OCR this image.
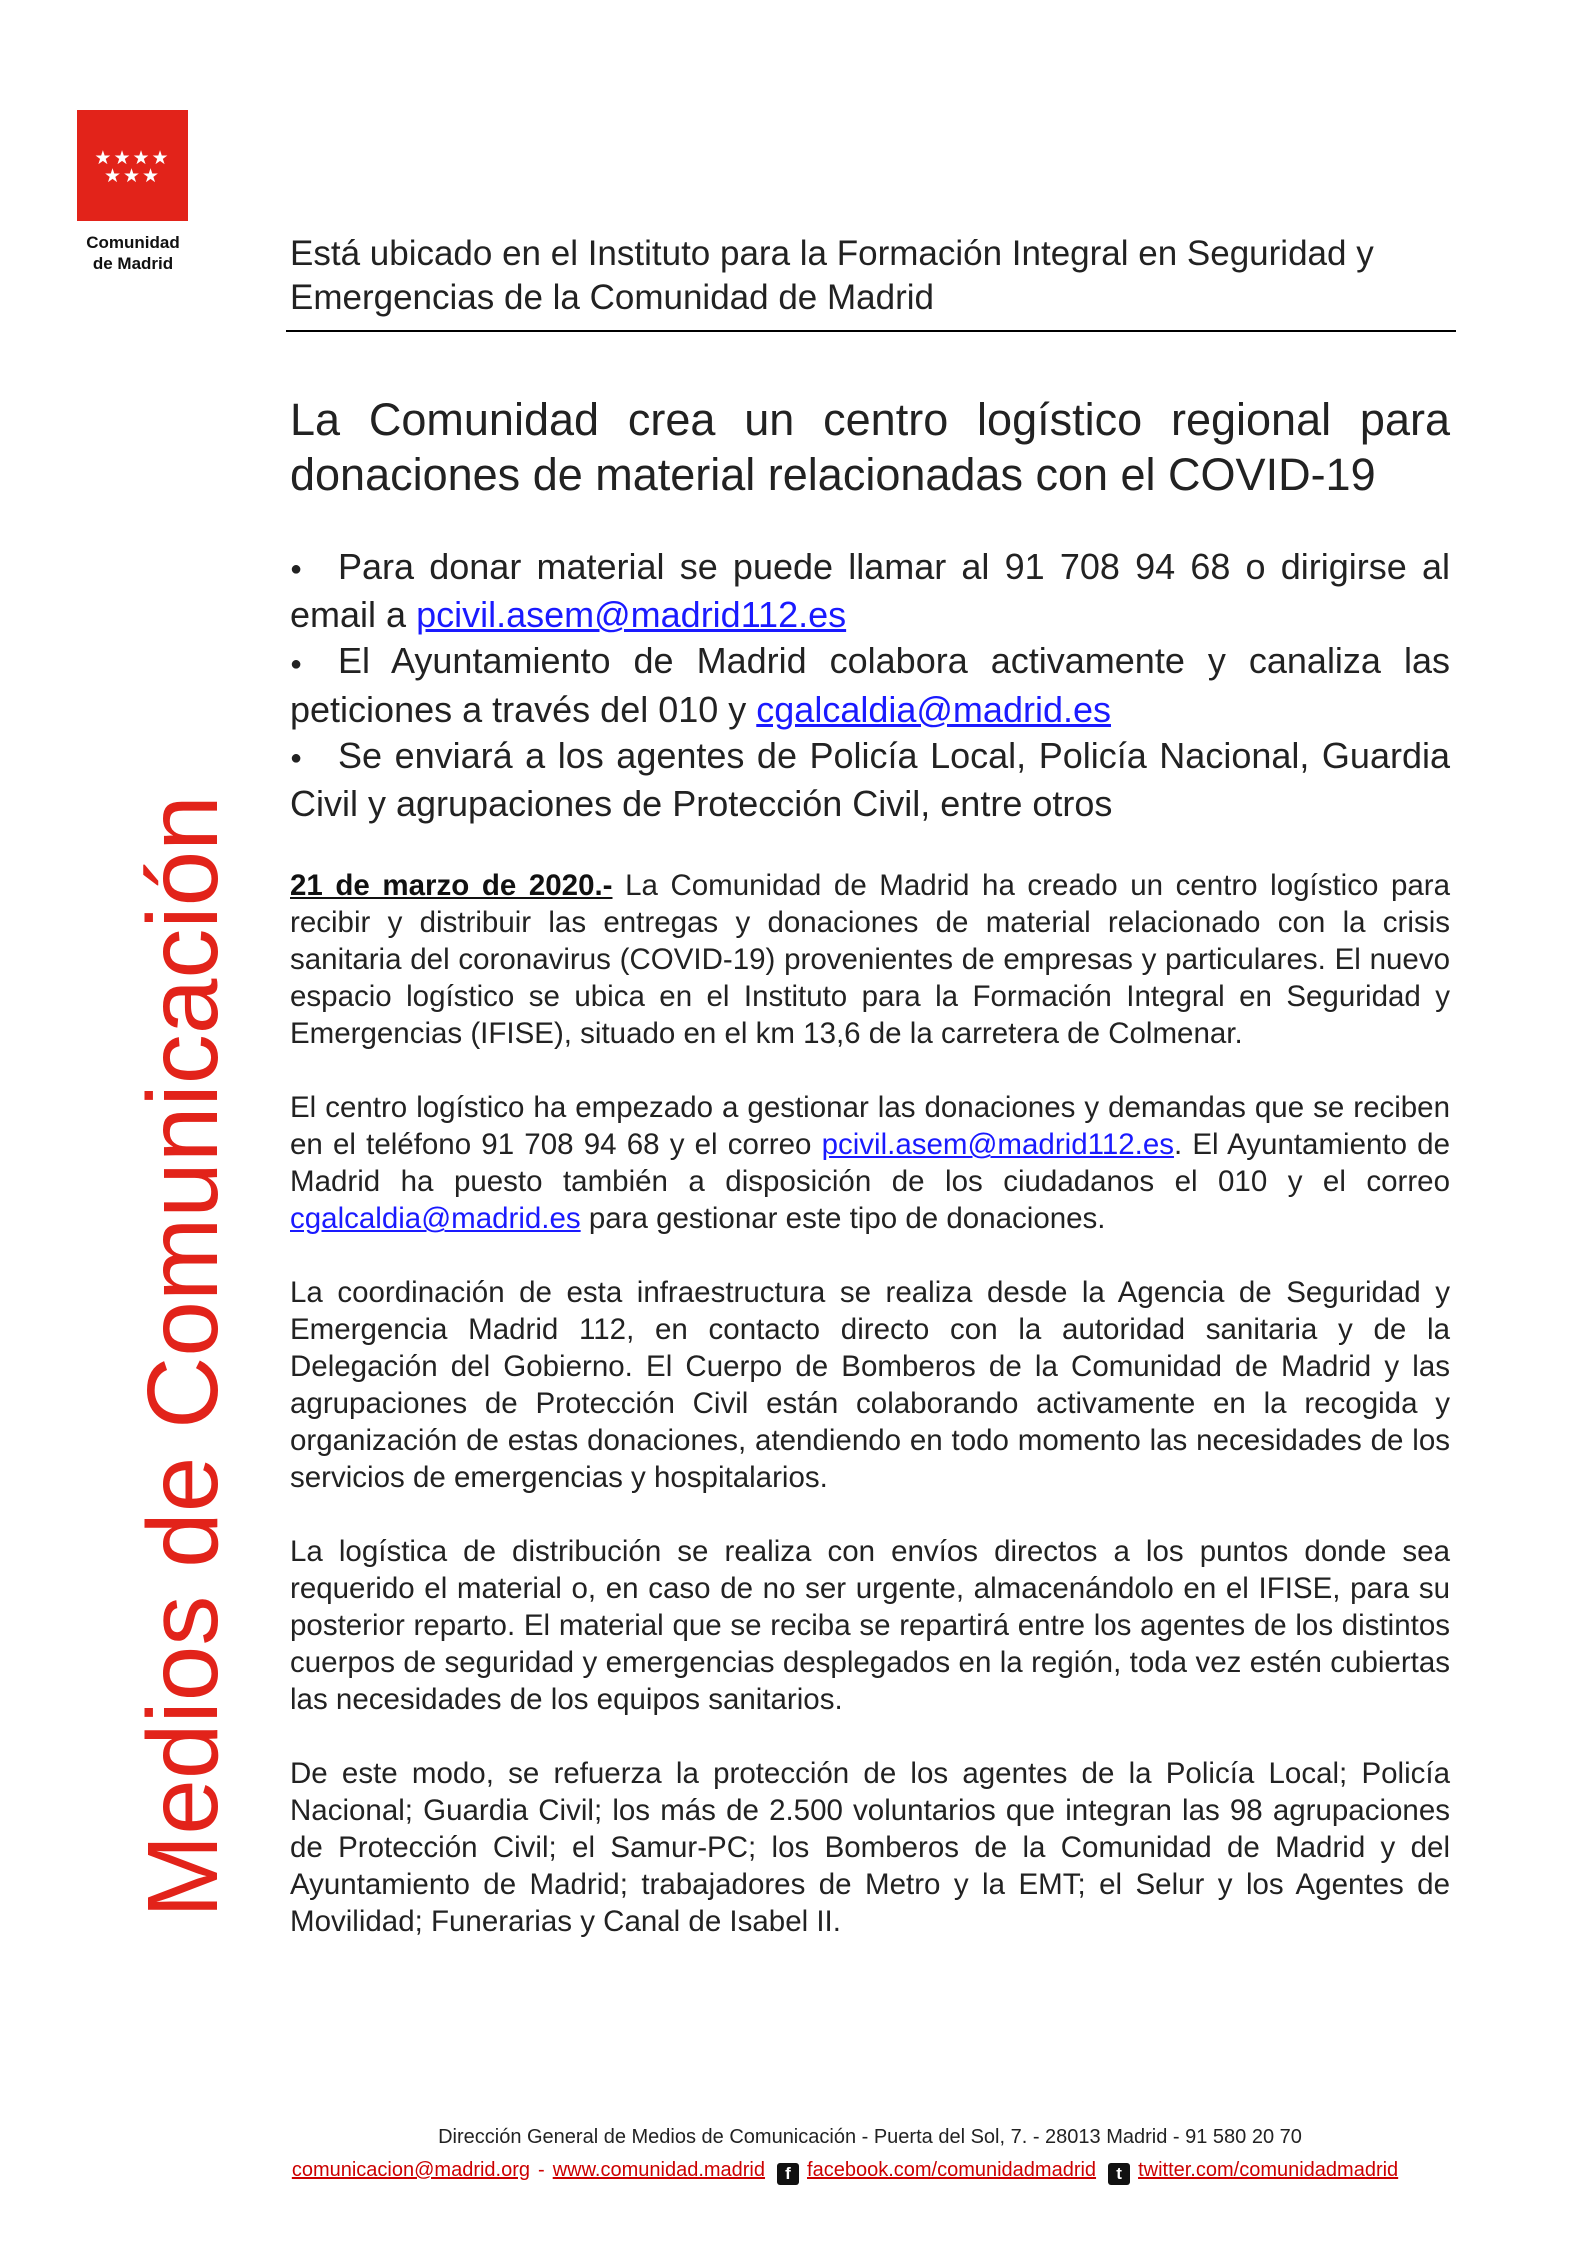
★★★★
★★★
Comunidad
de Madrid
Medios de Comunicación
Está ubicado en el Instituto para la Formación Integral en Seguridad y Emergencias de la Comunidad de Madrid
La Comunidad crea un centro logístico regional para donaciones de material relacionadas con el COVID-19

● Para donar material se puede llamar al 91 708 94 68 o dirigirse al email a pcivil.asem@madrid112.es

● El Ayuntamiento de Madrid colabora activamente y canaliza las peticiones a través del 010 y cgalcaldia@madrid.es

● Se enviará a los agentes de Policía Local, Policía Nacional, Guardia Civil y agrupaciones de Protección Civil, entre otros

21 de marzo de 2020.- La Comunidad de Madrid ha creado un centro logístico para recibir y distribuir las entregas y donaciones de material relacionado con la crisis sanitaria del coronavirus (COVID-19) provenientes de empresas y particulares. El nuevo espacio logístico se ubica en el Instituto para la Formación Integral en Seguridad y Emergencias (IFISE), situado en el km 13,6 de la carretera de Colmenar.

El centro logístico ha empezado a gestionar las donaciones y demandas que se reciben en el teléfono 91 708 94 68 y el correo pcivil.asem@madrid112.es. El Ayuntamiento de Madrid ha puesto también a disposición de los ciudadanos el 010 y el correo cgalcaldia@madrid.es para gestionar este tipo de donaciones.

La coordinación de esta infraestructura se realiza desde la Agencia de Seguridad y Emergencia Madrid 112, en contacto directo con la autoridad sanitaria y de la Delegación del Gobierno. El Cuerpo de Bomberos de la Comunidad de Madrid y las agrupaciones de Protección Civil están colaborando activamente en la recogida y organización de estas donaciones, atendiendo en todo momento las necesidades de los servicios de emergencias y hospitalarios.

La logística de distribución se realiza con envíos directos a los puntos donde sea requerido el material o, en caso de no ser urgente, almacenándolo en el IFISE, para su posterior reparto. El material que se reciba se repartirá entre los agentes de los distintos cuerpos de seguridad y emergencias desplegados en la región, toda vez estén cubiertas las necesidades de los equipos sanitarios.

De este modo, se refuerza la protección de los agentes de la Policía Local; Policía Nacional; Guardia Civil; los más de 2.500 voluntarios que integran las 98 agrupaciones de Protección Civil; el Samur-PC; los Bomberos de la Comunidad de Madrid y del Ayuntamiento de Madrid; trabajadores de Metro y la EMT; el Selur y los Agentes de Movilidad; Funerarias y Canal de Isabel II.

Dirección General de Medios de Comunicación - Puerta del Sol, 7. - 28013 Madrid - 91 580 20 70
comunicacion@madrid.org - www.comunidad.madrid f facebook.com/comunidadmadrid t twitter.com/comunidadmadrid
